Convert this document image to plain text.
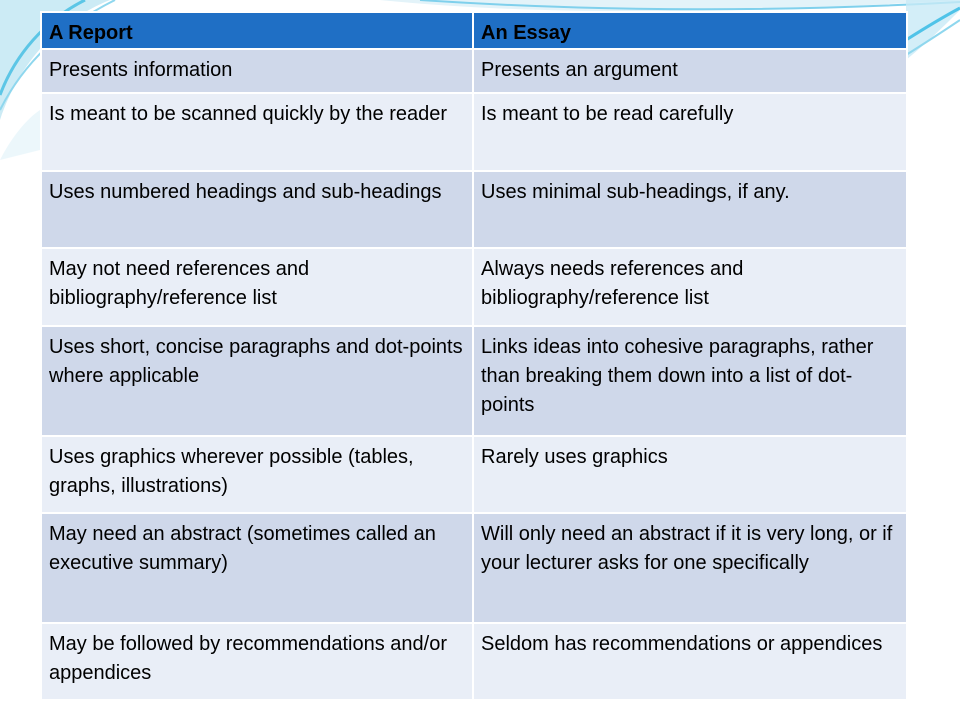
A Report	An Essay
Presents information	Presents an argument
Is meant to be scanned quickly by the reader	Is meant to be read carefully
Uses numbered headings and sub-headings	Uses minimal sub-headings, if any.
May not need references and bibliography/reference list	Always needs references and bibliography/reference list
Uses short, concise paragraphs and dot-points where applicable	Links ideas into cohesive paragraphs, rather than breaking them down into a list of dot-points
Uses graphics wherever possible (tables, graphs, illustrations)	Rarely uses graphics
May need an abstract (sometimes called an executive summary)	Will only need an abstract if it is very long, or if your lecturer asks for one specifically
May be followed by recommendations and/or appendices	Seldom has recommendations or appendices
